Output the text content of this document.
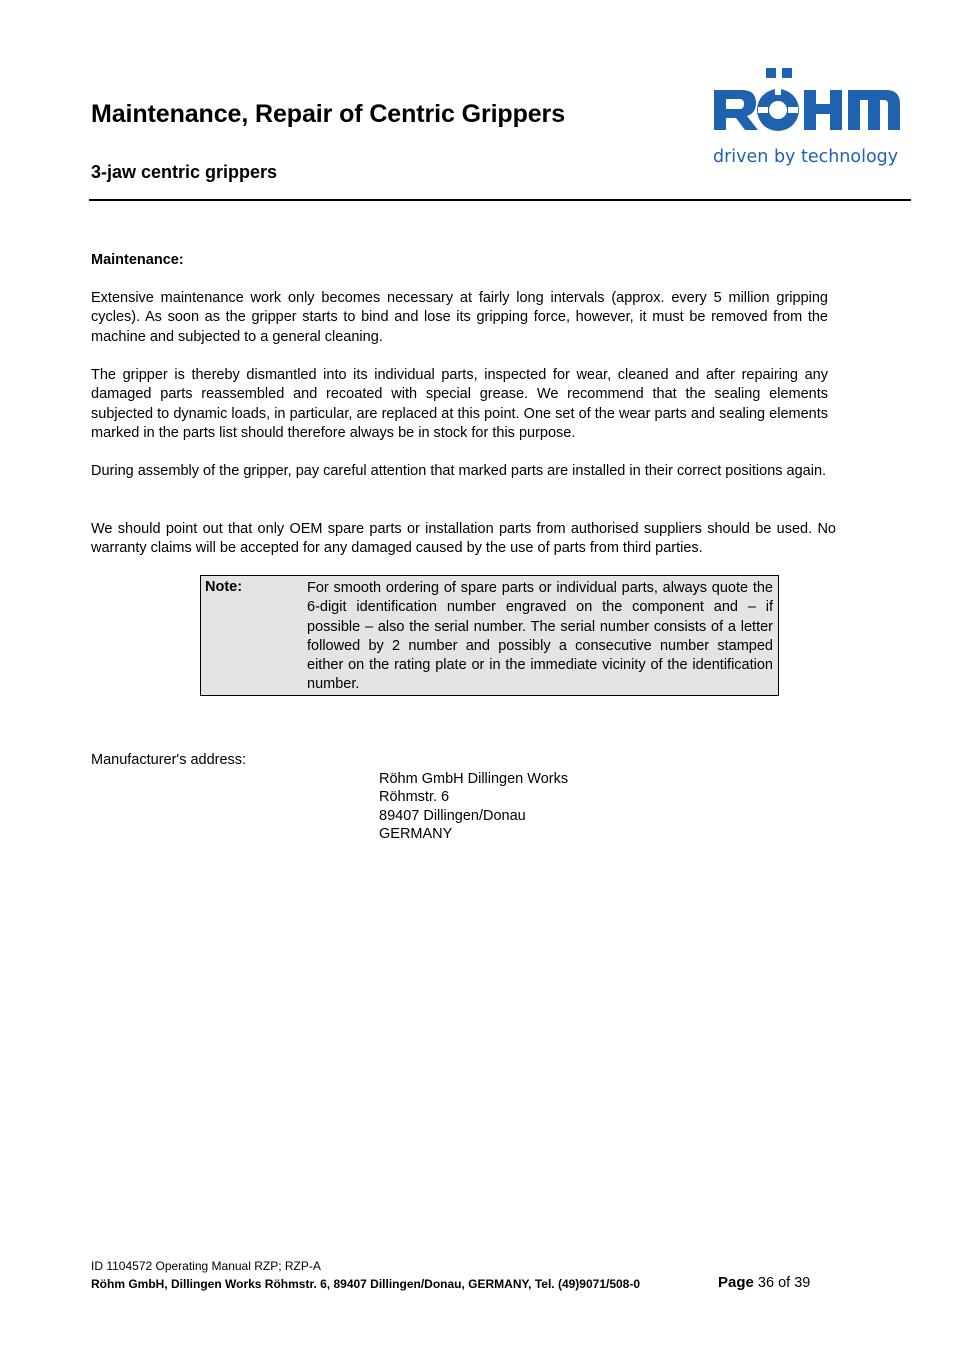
Maintenance, Repair of Centric Grippers
3-jaw centric grippers
driven by technology

Maintenance:

Extensive maintenance work only becomes necessary at fairly long intervals (approx. every 5 million gripping cycles). As soon as the gripper starts to bind and lose its gripping force, however, it must be removed from the machine and subjected to a general cleaning.

The gripper is thereby dismantled into its individual parts, inspected for wear, cleaned and after repairing any damaged parts reassembled and recoated with special grease. We recommend that the sealing elements subjected to dynamic loads, in particular, are replaced at this point. One set of the wear parts and sealing elements marked in the parts list should therefore always be in stock for this purpose.

During assembly of the gripper, pay careful attention that marked parts are installed in their correct positions again.

We should point out that only OEM spare parts or installation parts from authorised suppliers should be used. No warranty claims will be accepted for any damaged caused by the use of parts from third parties.

Note:	For smooth ordering of spare parts or individual parts, always quote the 6-digit identification number engraved on the component and – if possible – also the serial number. The serial number consists of a letter followed by 2 number and possibly a consecutive number stamped either on the rating plate or in the immediate vicinity of the identification number.

Manufacturer's address:
Röhm GmbH Dillingen Works
Röhmstr. 6
89407 Dillingen/Donau
GERMANY
ID 1104572 Operating Manual RZP; RZP-A
Röhm GmbH, Dillingen Works Röhmstr. 6, 89407 Dillingen/Donau, GERMANY, Tel. (49)9071/508-0	Page 36 of 39
